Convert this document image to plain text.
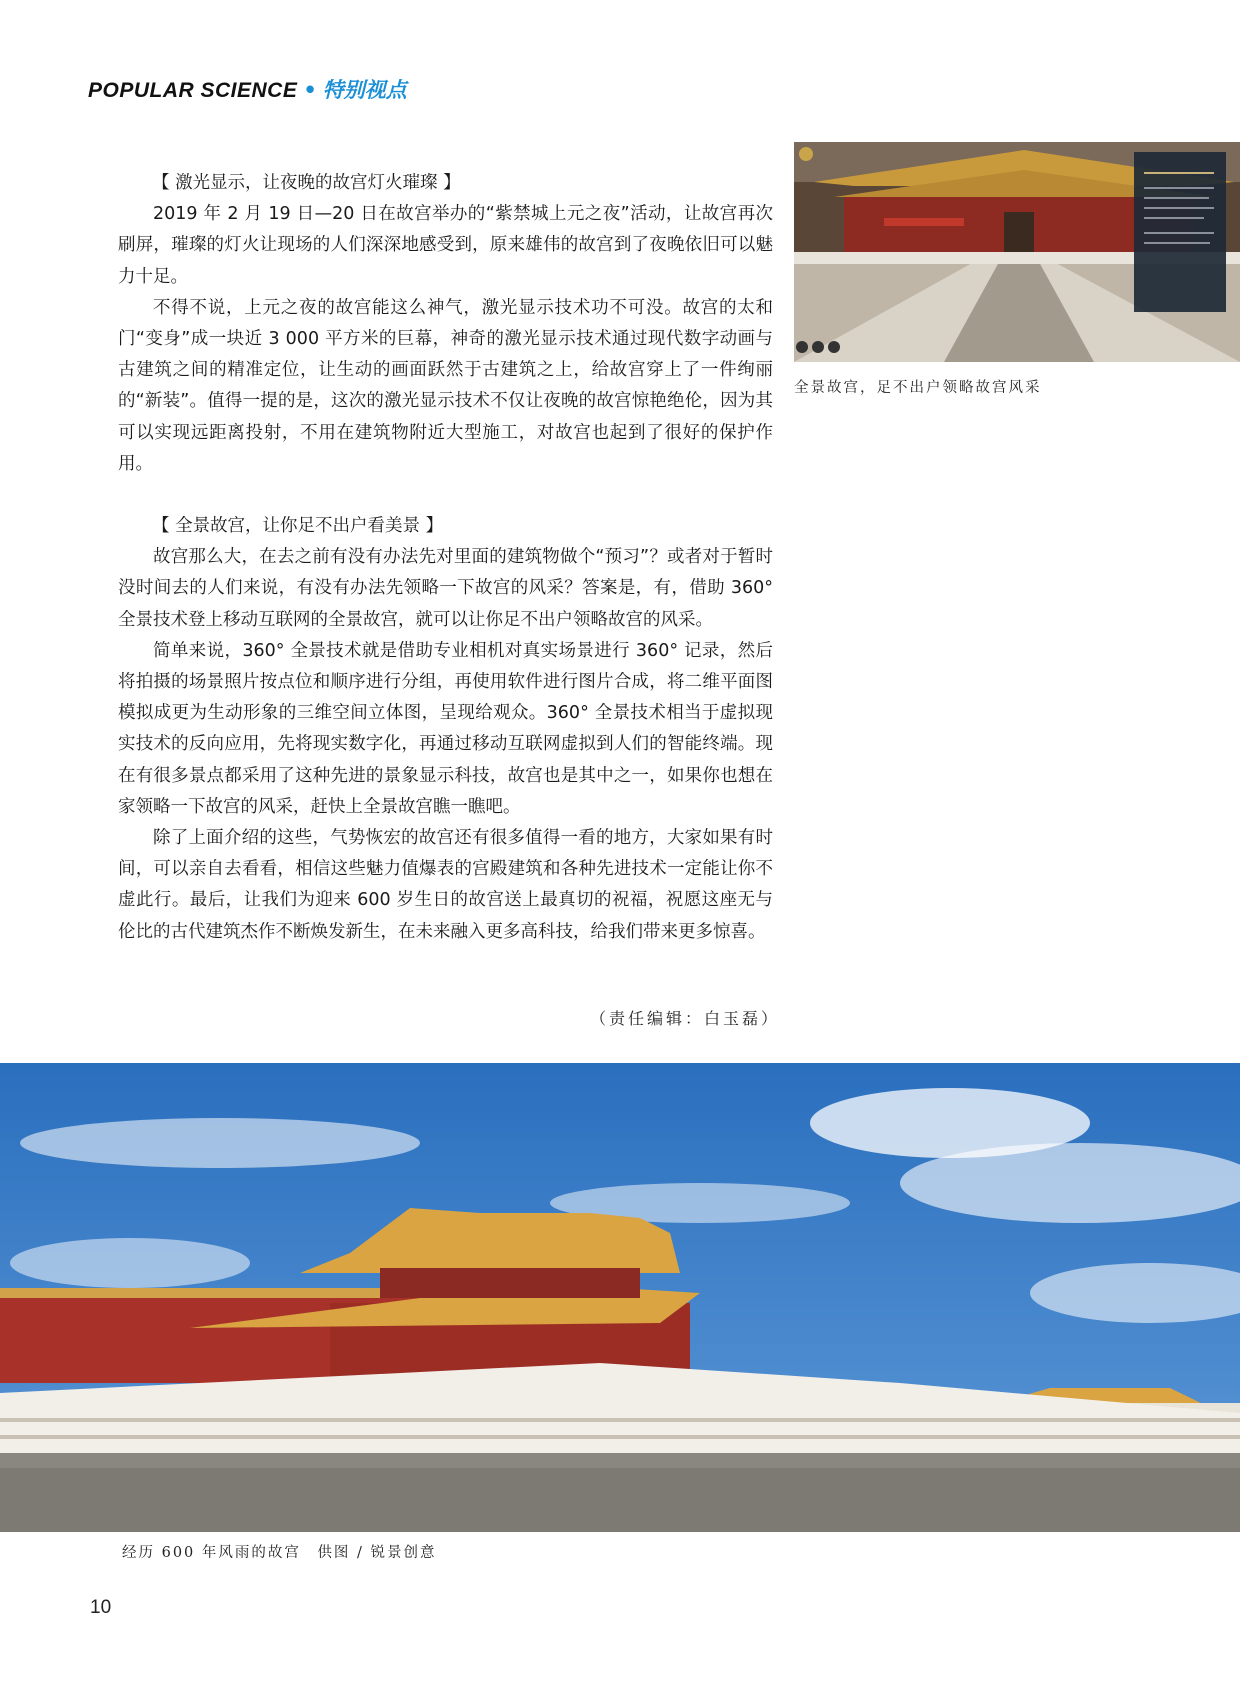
POPULAR SCIENCE • 特别视点
【 激光显示，让夜晚的故宫灯火璀璨 】

2019 年 2 月 19 日—20 日在故宫举办的“紫禁城上元之夜”活动，让故宫再次刷屏，璀璨的灯火让现场的人们深深地感受到，原来雄伟的故宫到了夜晚依旧可以魅力十足。

不得不说，上元之夜的故宫能这么神气，激光显示技术功不可没。故宫的太和门“变身”成一块近 3 000 平方米的巨幕，神奇的激光显示技术通过现代数字动画与古建筑之间的精准定位，让生动的画面跃然于古建筑之上，给故宫穿上了一件绚丽的“新装”。值得一提的是，这次的激光显示技术不仅让夜晚的故宫惊艳绝伦，因为其可以实现远距离投射，不用在建筑物附近大型施工，对故宫也起到了很好的保护作用。

【 全景故宫，让你足不出户看美景 】

故宫那么大，在去之前有没有办法先对里面的建筑物做个“预习”？或者对于暂时没时间去的人们来说，有没有办法先领略一下故宫的风采？答案是，有，借助 360° 全景技术登上移动互联网的全景故宫，就可以让你足不出户领略故宫的风采。

简单来说，360° 全景技术就是借助专业相机对真实场景进行 360° 记录，然后将拍摄的场景照片按点位和顺序进行分组，再使用软件进行图片合成，将二维平面图模拟成更为生动形象的三维空间立体图，呈现给观众。360° 全景技术相当于虚拟现实技术的反向应用，先将现实数字化，再通过移动互联网虚拟到人们的智能终端。现在有很多景点都采用了这种先进的景象显示科技，故宫也是其中之一，如果你也想在家领略一下故宫的风采，赶快上全景故宫瞧一瞧吧。

除了上面介绍的这些，气势恢宏的故宫还有很多值得一看的地方，大家如果有时间，可以亲自去看看，相信这些魅力值爆表的宫殿建筑和各种先进技术一定能让你不虚此行。最后，让我们为迎来 600 岁生日的故宫送上最真切的祝福，祝愿这座无与伦比的古代建筑杰作不断焕发新生，在未来融入更多高科技，给我们带来更多惊喜。

（责任编辑：白玉磊）
全景故宫，足不出户领略故宫风采
经历 600 年风雨的故宫　供图 / 锐景创意
10
